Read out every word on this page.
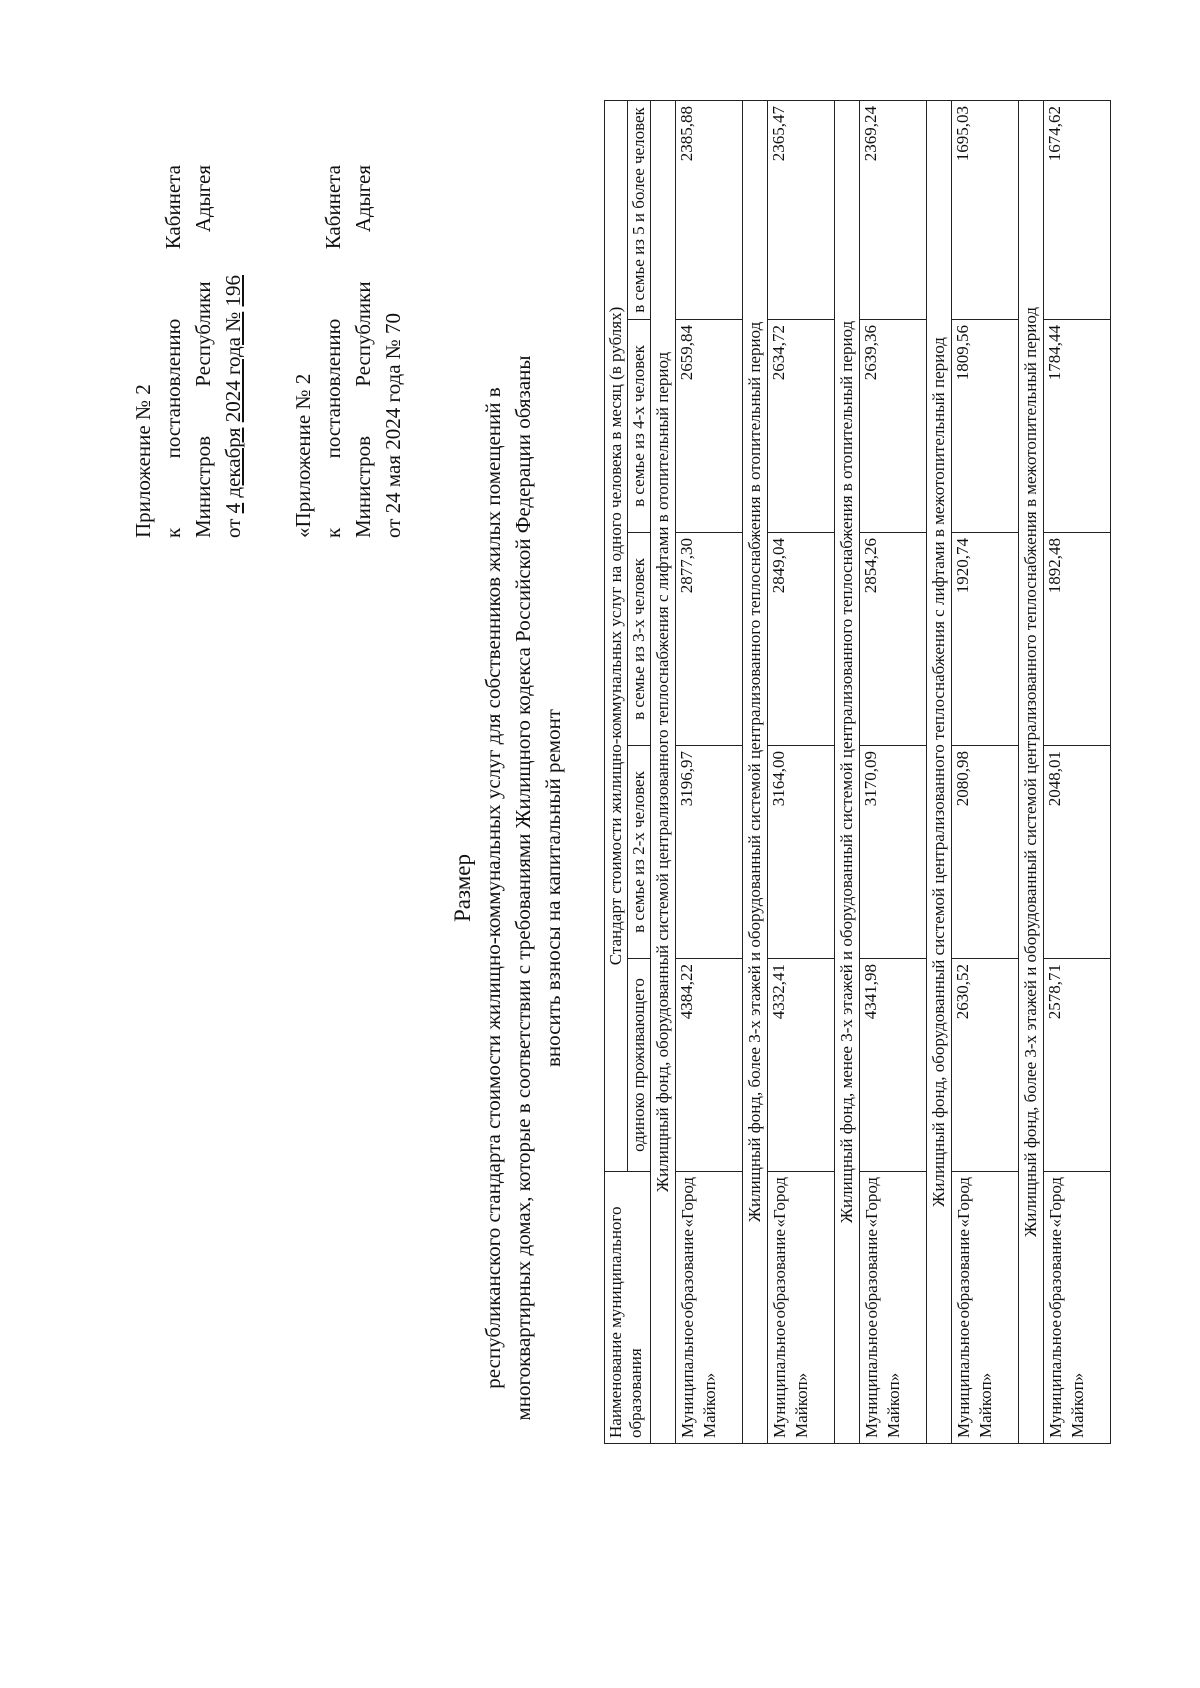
Приложение № 2 к
постановлению
Кабинета
Министров
Республики
Адыгея
от 4 декабря 2024 года № 196
«Приложение № 2 к
постановлению
Кабинета
Министров
Республики
Адыгея
от 24 мая 2024 года № 70
Размер республиканского стандарта стоимости жилищно-коммунальных услуг для собственников жилых помещений в многоквартирных домах, которые в соответствии с требованиями Жилищного кодекса Российской Федерации обязаны вносить взносы на капитальный ремонт
Наименование муниципального образования	Стандарт стоимости жилищно-коммунальных услуг на одного человека в месяц (в рублях)				
	одиноко проживающего	в семье из 2-х человек	в семье из 3-х человек	в семье из 4-х человек	в семье из 5 и более человек
Жилищный фонд, оборудованный системой централизованного теплоснабжения с лифтами в отопительный период					

Муниципальное
образование
«Город
Майкоп»	4384,22	3196,97	2877,30	2659,84	2385,88
Жилищный фонд, более 3-х этажей и оборудованный системой централизованного теплоснабжения в отопительный период					

Муниципальное
образование
«Город
Майкоп»	4332,41	3164,00	2849,04	2634,72	2365,47
Жилищный фонд, менее 3-х этажей и оборудованный системой централизованного теплоснабжения в отопительный период					

Муниципальное
образование
«Город
Майкоп»	4341,98	3170,09	2854,26	2639,36	2369,24
Жилищный фонд, оборудованный системой централизованного теплоснабжения с лифтами в межотопительный период					

Муниципальное
образование
«Город
Майкоп»	2630,52	2080,98	1920,74	1809,56	1695,03
Жилищный фонд, более 3-х этажей и оборудованный системой централизованного теплоснабжения в межотопительный период					

Муниципальное
образование
«Город
Майкоп»	2578,71	2048,01	1892,48	1784,44	1674,62
